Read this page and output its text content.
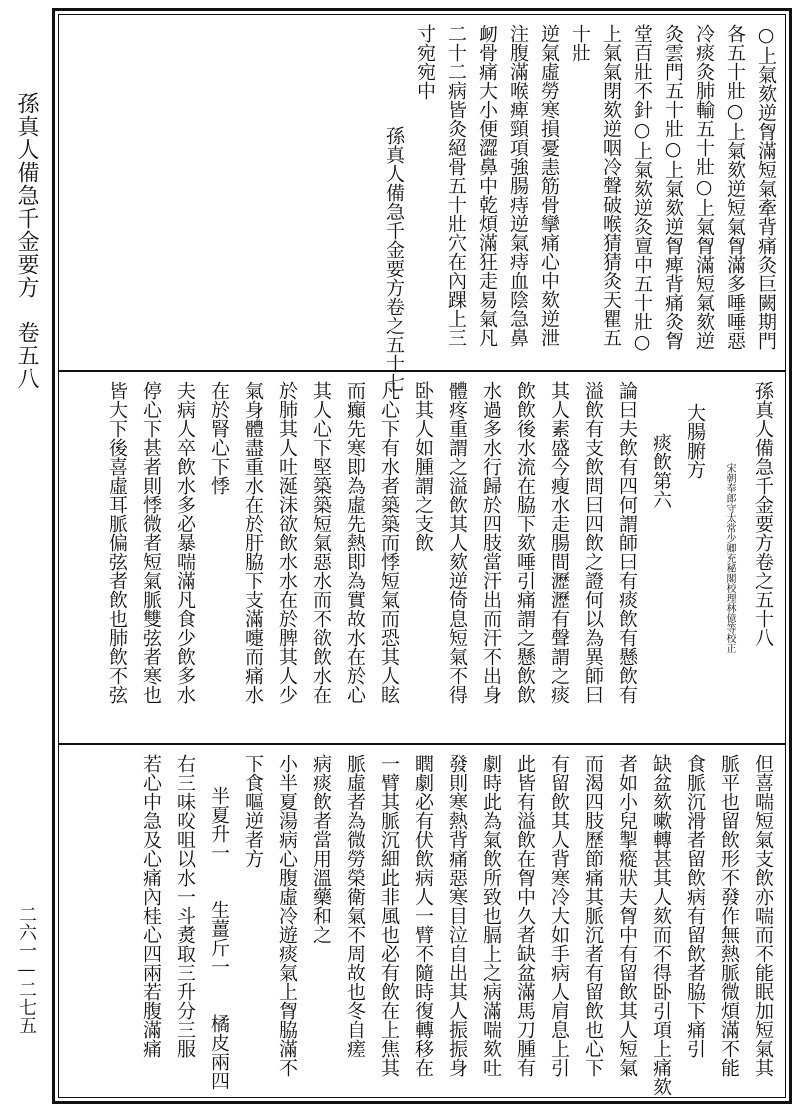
孫真人備急千金要方卷五八
二六一—二七五
○上氣欬逆胷滿短氣牽背痛灸巨闕期門
各五十壯○上氣欬逆短氣胷滿多唾唾惡
冷痰灸肺輸五十壯○上氣胷滿短氣欬逆
灸雲門五十壯○上氣欬逆胷痺背痛灸胷
堂百壯不針○上氣欬逆灸亶中五十壯○
上氣氣閉欬逆咽冷聲破喉猜猜灸天瞿五
十壯
逆氣虛勞寒損憂恚筋骨攣痛心中欬逆泄
注腹滿喉痺頸項強腸痔逆氣痔血陰急鼻
衂骨痛大小便澀鼻中乾煩滿狂走易氣凡
二十二病皆灸絕骨五十壯穴在內踝上三
寸宛宛中
孫真人備急千金要方卷之五十七
孫真人備急千金要方卷之五十八
宋朝奉郎守太常少卿充秘閣校理林億等校正
大腸腑方
痰飲第六
論曰夫飲有四何謂師曰有痰飲有懸飲有
溢飲有支飲問曰四飲之證何以為異師曰
其人素盛今瘦水走腸間瀝瀝有聲謂之痰
飲飲後水流在脇下欬唾引痛謂之懸飲飲
水過多水行歸於四肢當汗出而汗不出身
體疼重謂之溢飲其人欬逆倚息短氣不得
卧其人如腫謂之支飲
凡心下有水者築築而悸短氣而恐其人眩
而癲先寒即為虛先熱即為實故水在於心
其人心下堅築築短氣惡水而不欲飲水在
於肺其人吐涎沫欲飲水水在於脾其人少
氣身體盡重水在於肝脇下支滿嚏而痛水
在於腎心下悸
夫病人卒飲水多必暴喘滿凡食少飲多水
停心下甚者則悸微者短氣脈雙弦者寒也
皆大下後喜虛耳脈偏弦者飲也肺飲不弦
但喜喘短氣支飲亦喘而不能眠加短氣其
脈平也留飲形不發作無熱脈微煩滿不能
食脈沉滑者留飲病有留飲者脇下痛引
缺盆欬嗽轉甚其人欬而不得卧引項上痛欬
者如小兒掣瘲狀夫胷中有留飲其人短氣
而渴四肢歷節痛其脈沉者有留飲也心下
有留飲其人背寒冷大如手病人肩息上引
此皆有溢飲在胷中久者缺盆滿馬刀腫有
劇時此為氣飲所致也膈上之病滿喘欬吐
發則寒熱背痛惡寒目泣自出其人振振身
瞤劇必有伏飲病人一臂不隨時復轉移在
一臂其脈沉細此非風也必有飲在上焦其
脈虛者為微勞榮衛氣不周故也冬自瘥
病痰飲者當用溫藥和之
小半夏湯病心腹虛冷遊痰氣上胷脇滿不
下食嘔逆者方
半夏升一　　生薑斤一　　橘皮兩四
右三味㕮咀以水一斗煑取三升分三服
若心中急及心痛內桂心四兩若腹滿痛
